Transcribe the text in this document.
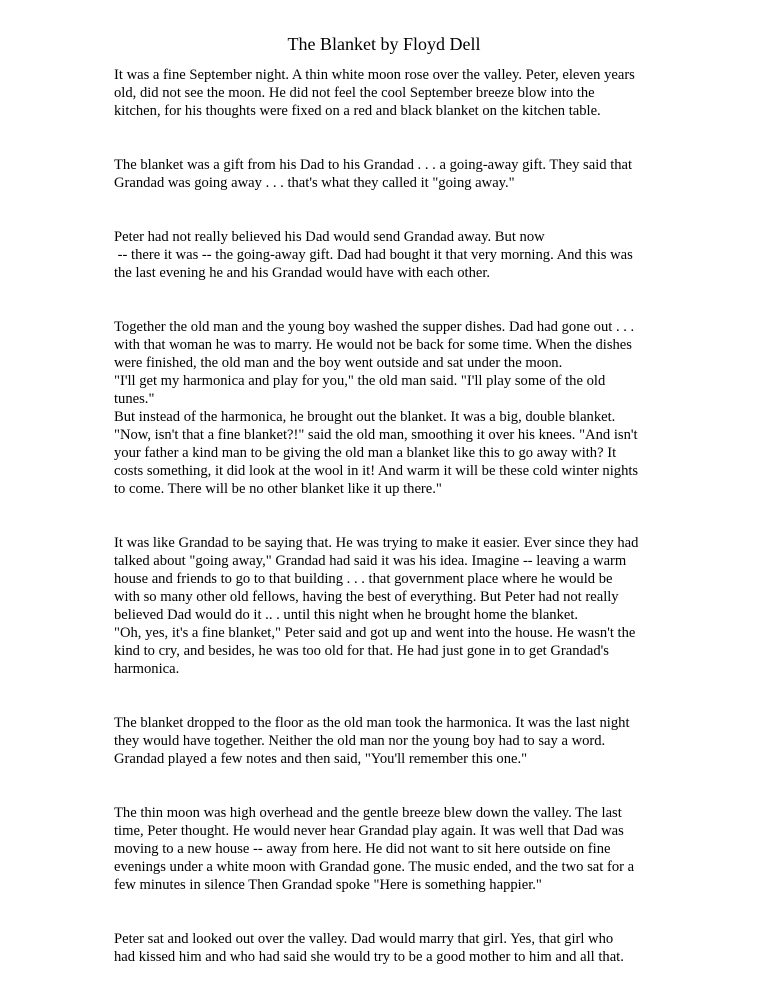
The Blanket by Floyd Dell
It was a fine September night. A thin white moon rose over the valley. Peter, eleven years
old, did not see the moon. He did not feel the cool September breeze blow into the
kitchen, for his thoughts were fixed on a red and black blanket on the kitchen table.
The blanket was a gift from his Dad to his Grandad . . . a going-away gift. They said that
Grandad was going away . . . that's what they called it "going away."
Peter had not really believed his Dad would send Grandad away. But now
-- there it was -- the going-away gift. Dad had bought it that very morning. And this was
the last evening he and his Grandad would have with each other.
Together the old man and the young boy washed the supper dishes. Dad had gone out . . .
with that woman he was to marry. He would not be back for some time. When the dishes
were finished, the old man and the boy went outside and sat under the moon.
"I'll get my harmonica and play for you," the old man said. "I'll play some of the old
tunes."
But instead of the harmonica, he brought out the blanket. It was a big, double blanket.
"Now, isn't that a fine blanket?!" said the old man, smoothing it over his knees. "And isn't
your father a kind man to be giving the old man a blanket like this to go away with? It
costs something, it did look at the wool in it! And warm it will be these cold winter nights
to come. There will be no other blanket like it up there."
It was like Grandad to be saying that. He was trying to make it easier. Ever since they had
talked about "going away," Grandad had said it was his idea. Imagine -- leaving a warm
house and friends to go to that building . . . that government place where he would be
with so many other old fellows, having the best of everything. But Peter had not really
believed Dad would do it .. . until this night when he brought home the blanket.
"Oh, yes, it's a fine blanket," Peter said and got up and went into the house. He wasn't the
kind to cry, and besides, he was too old for that. He had just gone in to get Grandad's
harmonica.
The blanket dropped to the floor as the old man took the harmonica. It was the last night
they would have together. Neither the old man nor the young boy had to say a word.
Grandad played a few notes and then said, "You'll remember this one."
The thin moon was high overhead and the gentle breeze blew down the valley. The last
time, Peter thought. He would never hear Grandad play again. It was well that Dad was
moving to a new house -- away from here. He did not want to sit here outside on fine
evenings under a white moon with Grandad gone. The music ended, and the two sat for a
few minutes in silence Then Grandad spoke "Here is something happier."
Peter sat and looked out over the valley. Dad would marry that girl. Yes, that girl who
had kissed him and who had said she would try to be a good mother to him and all that.
